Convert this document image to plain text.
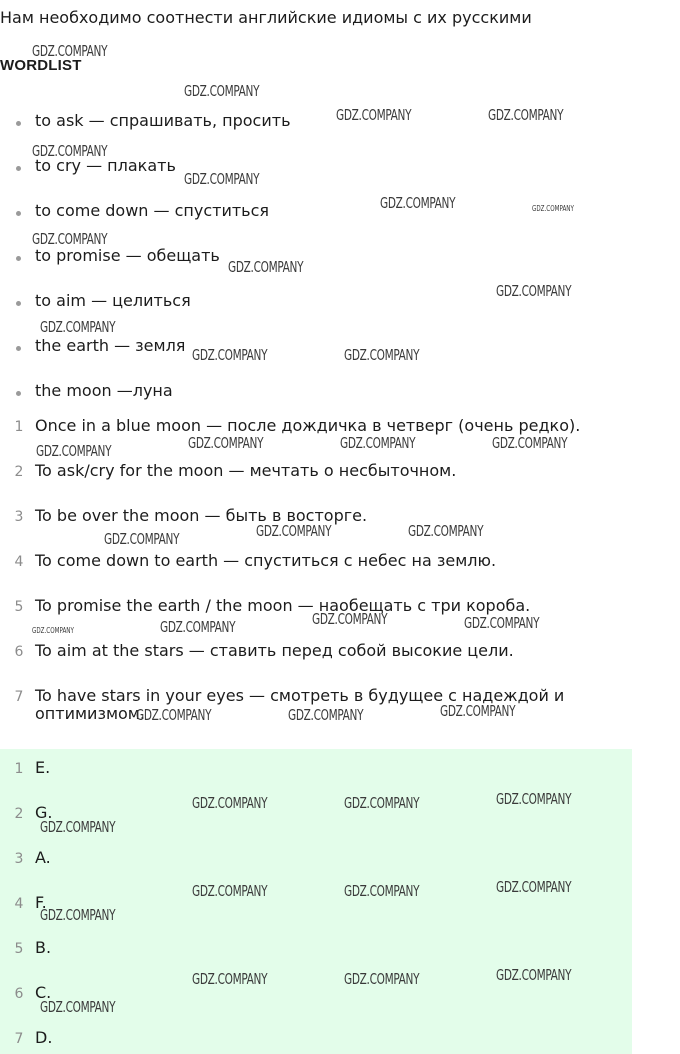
Нам необходимо соотнести английские идиомы с их русскими
WORDLIST
to ask — спрашивать, просить
to cry — плакать
to come down — спуститься
to promise — обещать
to aim — целиться
the earth — земля
the moon —луна
1 Once in a blue moon — после дождичка в четверг (очень редко).
2 To ask/cry for the moon — мечтать о несбыточном.
3 To be over the moon — быть в восторге.
4 To come down to earth — спуститься с небес на землю.
5 To promise the earth / the moon — наобещать с три короба.
6 To aim at the stars — ставить перед собой высокие цели.
7 To have stars in your eyes — смотреть в будущее с надеждой и оптимизмом.
1 E.
2 G.
3 A.
4 F.
5 B.
6 C.
7 D.
GDZ.COMPANY
GDZ.COMPANY
GDZ.COMPANY	GDZ.COMPANY
GDZ.COMPANY
GDZ.COMPANY
GDZ.COMPANY	GDZ.COMPANY
GDZ.COMPANY
GDZ.COMPANY
GDZ.COMPANY
GDZ.COMPANY
GDZ.COMPANY	GDZ.COMPANY
GDZ.COMPANY	GDZ.COMPANY	GDZ.COMPANY	GDZ.COMPANY
GDZ.COMPANY	GDZ.COMPANY	GDZ.COMPANY
GDZ.COMPANY	GDZ.COMPANY	GDZ.COMPANY	GDZ.COMPANY
GDZ.COMPANY	GDZ.COMPANY	GDZ.COMPANY
GDZ.COMPANY	GDZ.COMPANY	GDZ.COMPANY
GDZ.COMPANY
GDZ.COMPANY	GDZ.COMPANY	GDZ.COMPANY
GDZ.COMPANY
GDZ.COMPANY	GDZ.COMPANY	GDZ.COMPANY
GDZ.COMPANY
